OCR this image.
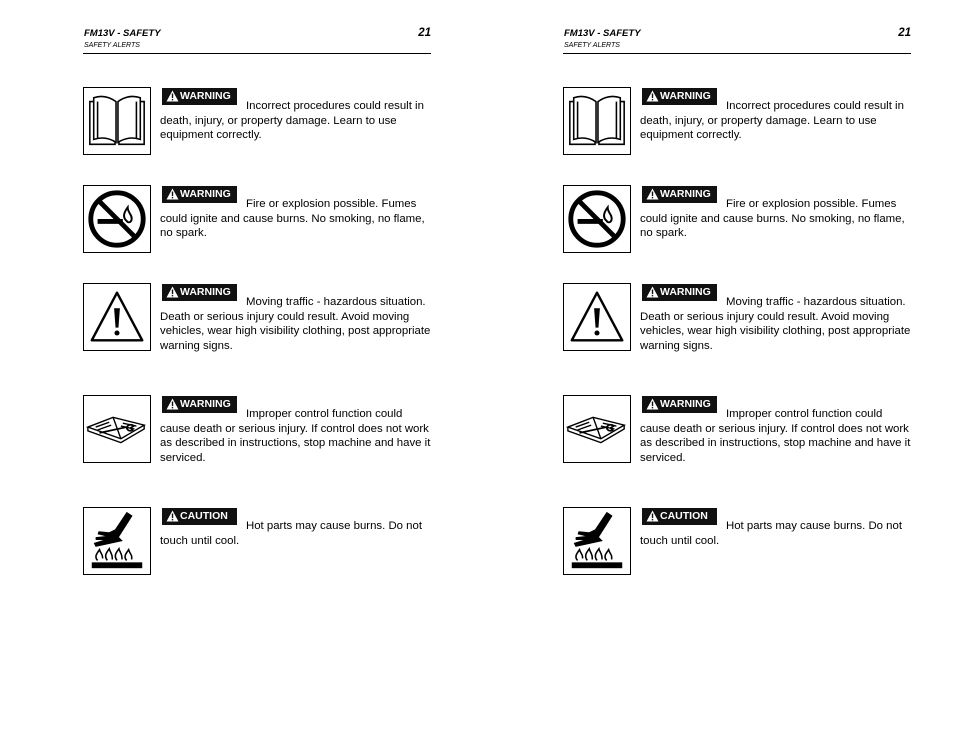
FM13V - SAFETY
SAFETY ALERTS
21
WARNING
Incorrect procedures could result in death, injury, or property damage. Learn to use equipment correctly.
WARNING
Fire or explosion possible. Fumes could ignite and cause burns. No smoking, no flame, no spark.
WARNING
Moving traffic - hazardous situation. Death or serious injury could result. Avoid moving vehicles, wear high visibility clothing, post appropriate warning signs.
WARNING
Improper control function could cause death or serious injury. If control does not work as described in instructions, stop machine and have it serviced.
CAUTION
Hot parts may cause burns. Do not touch until cool.
FM13V - SAFETY
SAFETY ALERTS
21
WARNING
Incorrect procedures could result in death, injury, or property damage. Learn to use equipment correctly.
WARNING
Fire or explosion possible. Fumes could ignite and cause burns. No smoking, no flame, no spark.
WARNING
Moving traffic - hazardous situation. Death or serious injury could result. Avoid moving vehicles, wear high visibility clothing, post appropriate warning signs.
WARNING
Improper control function could cause death or serious injury. If control does not work as described in instructions, stop machine and have it serviced.
CAUTION
Hot parts may cause burns. Do not touch until cool.
